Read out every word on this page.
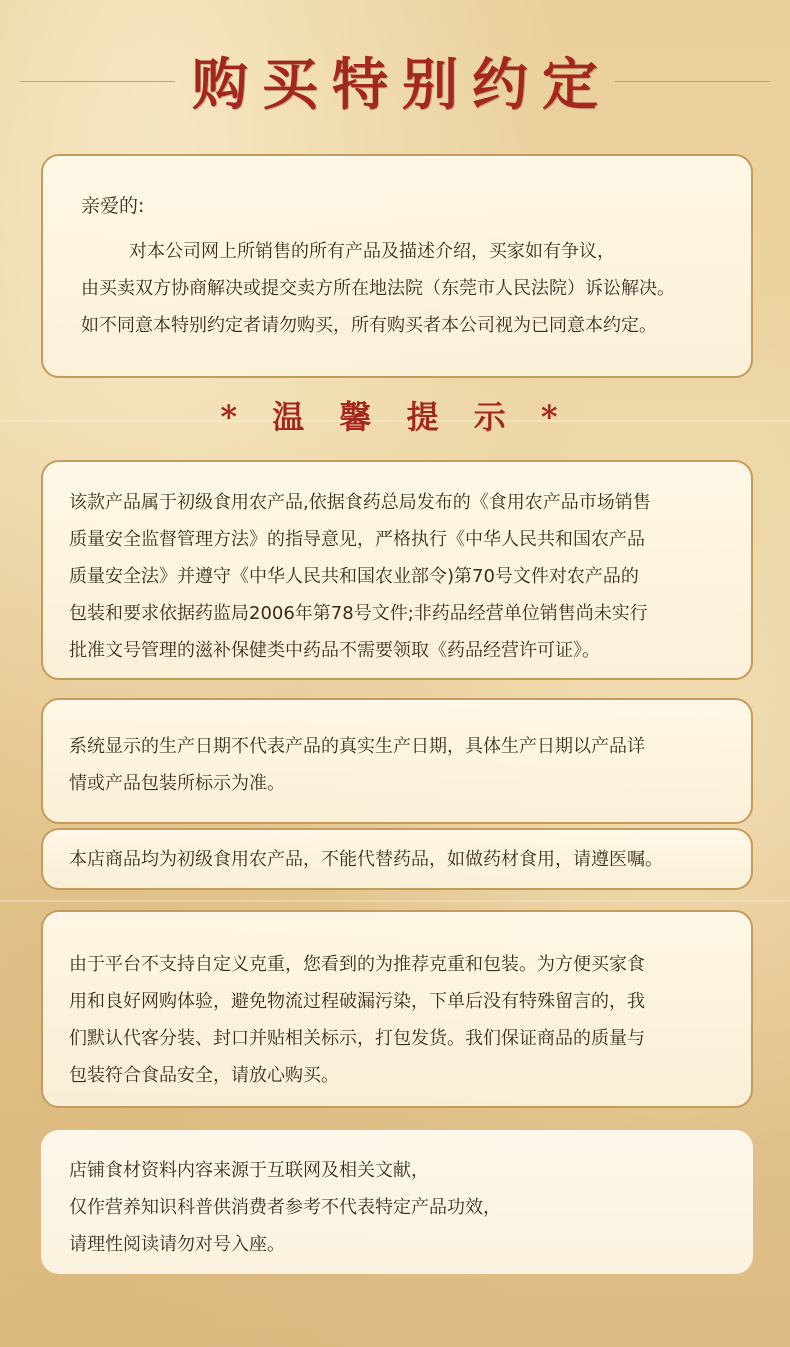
购买特别约定

亲爱的:

对本公司网上所销售的所有产品及描述介绍，买家如有争议，

由买卖双方协商解决或提交卖方所在地法院（东莞市人民法院）诉讼解决。

如不同意本特别约定者请勿购买，所有购买者本公司视为已同意本约定。

* 温 馨 提 示 *

该款产品属于初级食用农产品,依据食药总局发布的《食用农产品市场销售

质量安全监督管理方法》的指导意见，严格执行《中华人民共和国农产品

质量安全法》并遵守《中华人民共和国农业部令)第70号文件对农产品的

包装和要求依据药监局2006年第78号文件;非药品经营单位销售尚未实行

批准文号管理的滋补保健类中药品不需要领取《药品经营许可证》。

系统显示的生产日期不代表产品的真实生产日期，具体生产日期以产品详

情或产品包装所标示为准。

本店商品均为初级食用农产品，不能代替药品，如做药材食用，请遵医嘱。

由于平台不支持自定义克重，您看到的为推荐克重和包装。为方便买家食

用和良好网购体验，避免物流过程破漏污染，下单后没有特殊留言的，我

们默认代客分装、封口并贴相关标示，打包发货。我们保证商品的质量与

包装符合食品安全，请放心购买。

店铺食材资料内容来源于互联网及相关文献，

仅作营养知识科普供消费者参考不代表特定产品功效，

请理性阅读请勿对号入座。
